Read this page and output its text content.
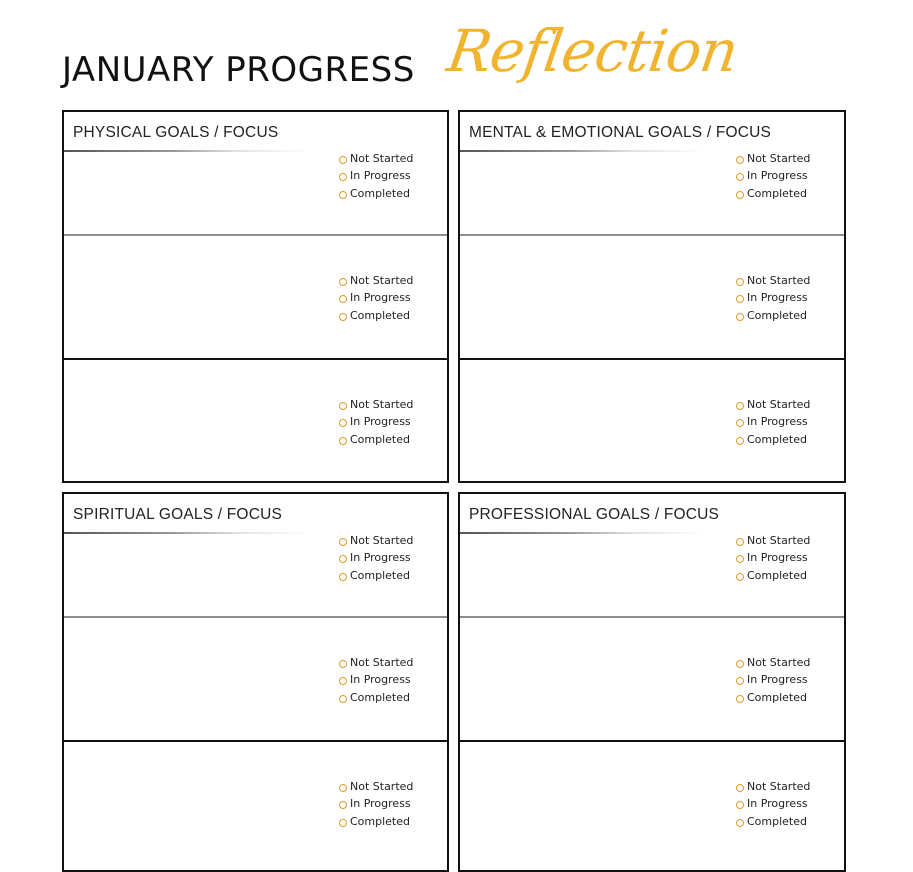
JANUARY PROGRESS Reflection
PHYSICAL GOALS / FOCUS
Not Started
In Progress
Completed
Not Started
In Progress
Completed
Not Started
In Progress
Completed
MENTAL & EMOTIONAL GOALS / FOCUS
Not Started
In Progress
Completed
Not Started
In Progress
Completed
Not Started
In Progress
Completed
SPIRITUAL GOALS / FOCUS
Not Started
In Progress
Completed
Not Started
In Progress
Completed
Not Started
In Progress
Completed
PROFESSIONAL GOALS / FOCUS
Not Started
In Progress
Completed
Not Started
In Progress
Completed
Not Started
In Progress
Completed
